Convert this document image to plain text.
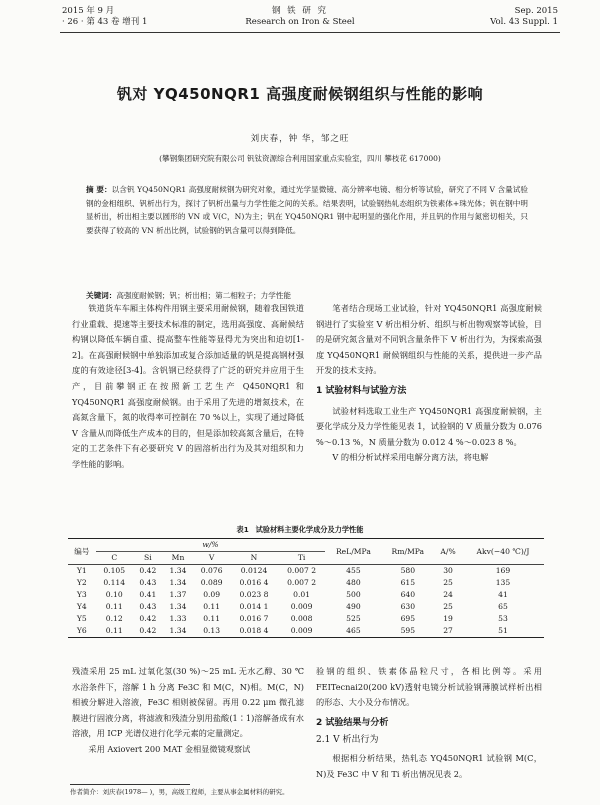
2015 年 9 月
· 26 · 第 43 卷 增刊 1
钢 铁 研 究
Research on Iron & Steel
Sep. 2015
Vol. 43 Suppl. 1
钒对 YQ450NQR1 高强度耐候钢组织与性能的影响
刘庆春，钟 华，邹之旺
(攀钢集团研究院有限公司 钒钛资源综合利用国家重点实验室，四川 攀枝花 617000)
摘 要：以含钒 YQ450NQR1 高强度耐候钢为研究对象，通过光学显微镜、高分辨率电镜、相分析等试验，研究了不同 V 含量试验钢的金相组织、钒析出行为，探讨了钒析出量与力学性能之间的关系。结果表明，试验钢热轧态组织为铁素体+珠光体；钒在钢中明显析出，析出相主要以圆形的 VN 或 V(C，N)为主；钒在 YQ450NQR1 钢中起明显的强化作用，并且钒的作用与氮密切相关，只要获得了较高的 VN 析出比例，试验钢的钒含量可以得到降低。
关键词：高强度耐候钢；钒；析出相；第二相粒子；力学性能

铁道货车车厢主体构件用钢主要采用耐候钢，随着我国铁道行业重载、提速等主要技术标准的制定，选用高强度、高耐候结构钢以降低车辆自重、提高整车性能等显得尤为突出和迫切[1-2]。在高强耐候钢中单独添加或复合添加适量的钒是提高钢材强度的有效途径[3-4]。含钒钢已经获得了广泛的研究并应用于生产，目前攀钢正在按照新工艺生产 Q450NQR1 和 YQ450NQR1 高强度耐候钢。由于采用了先进的增氮技术，在高氮含量下，氮的收得率可控制在 70 %以上，实现了通过降低 V 含量从而降低生产成本的目的，但是添加较高氮含量后，在特定的工艺条件下有必要研究 V 的固溶析出行为及其对组织和力学性能的影响。

笔者结合现场工业试验，针对 YQ450NQR1 高强度耐候钢进行了实验室 V 析出相分析、组织与析出物观察等试验，目的是研究氮含量对不同钒含量条件下 V 析出行为，为探索高强度 YQ450NQR1 耐候钢组织与性能的关系，提供进一步产品开发的技术支持。

1 试验材料与试验方法

试验材料选取工业生产 YQ450NQR1 高强度耐候钢，主要化学成分及力学性能见表 1，试验钢的 V 质量分数为 0.076 %～0.13 %，N 质量分数为 0.012 4 %～0.023 8 %。

V 的相分析试样采用电解分离方法，将电解

表1 试验材料主要化学成分及力学性能
编号	w/%						ReL/MPa	Rm/MPa	A/%	Akv(−40 ℃)/J
	C	Si	Mn	V	N	Ti				
Y1	0.105	0.42	1.34	0.076	0.0124	0.007 2	455	580	30	169
Y2	0.114	0.43	1.34	0.089	0.016 4	0.007 2	480	615	25	135
Y3	0.10	0.41	1.37	0.09	0.023 8	0.01	500	640	24	41
Y4	0.11	0.43	1.34	0.11	0.014 1	0.009	490	630	25	65
Y5	0.12	0.42	1.33	0.11	0.016 7	0.008	525	695	19	53
Y6	0.11	0.42	1.34	0.13	0.018 4	0.009	465	595	27	51

残渣采用 25 mL 过氧化氢(30 %)～25 mL 无水乙醇、30 ℃水浴条件下，溶解 1 h 分离 Fe3C 和 M(C，N)相。M(C，N)相被分解进入溶液，Fe3C 相则被保留。再用 0.22 μm 微孔滤膜进行固液分离，将滤液和残渣分别用盐酸(1∶1)溶解备成有水溶液，用 ICP 光谱仪进行化学元素的定量测定。

采用 Axiovert 200 MAT 金相显微镜观察试

验钢的组织、铁素体晶粒尺寸，各相比例等。采用 FEITecnai20(200 kV)透射电镜分析试验钢薄膜试样析出相的形态、大小及分布情况。

2 试验结果与分析
2.1 V 析出行为

根据相分析结果，热轧态 YQ450NQR1 试验钢 M(C，N)及 Fe3C 中 V 和 Ti 析出情况见表 2。

作者简介：刘庆春(1978— )，男，高级工程师，主要从事金属材料的研究。
